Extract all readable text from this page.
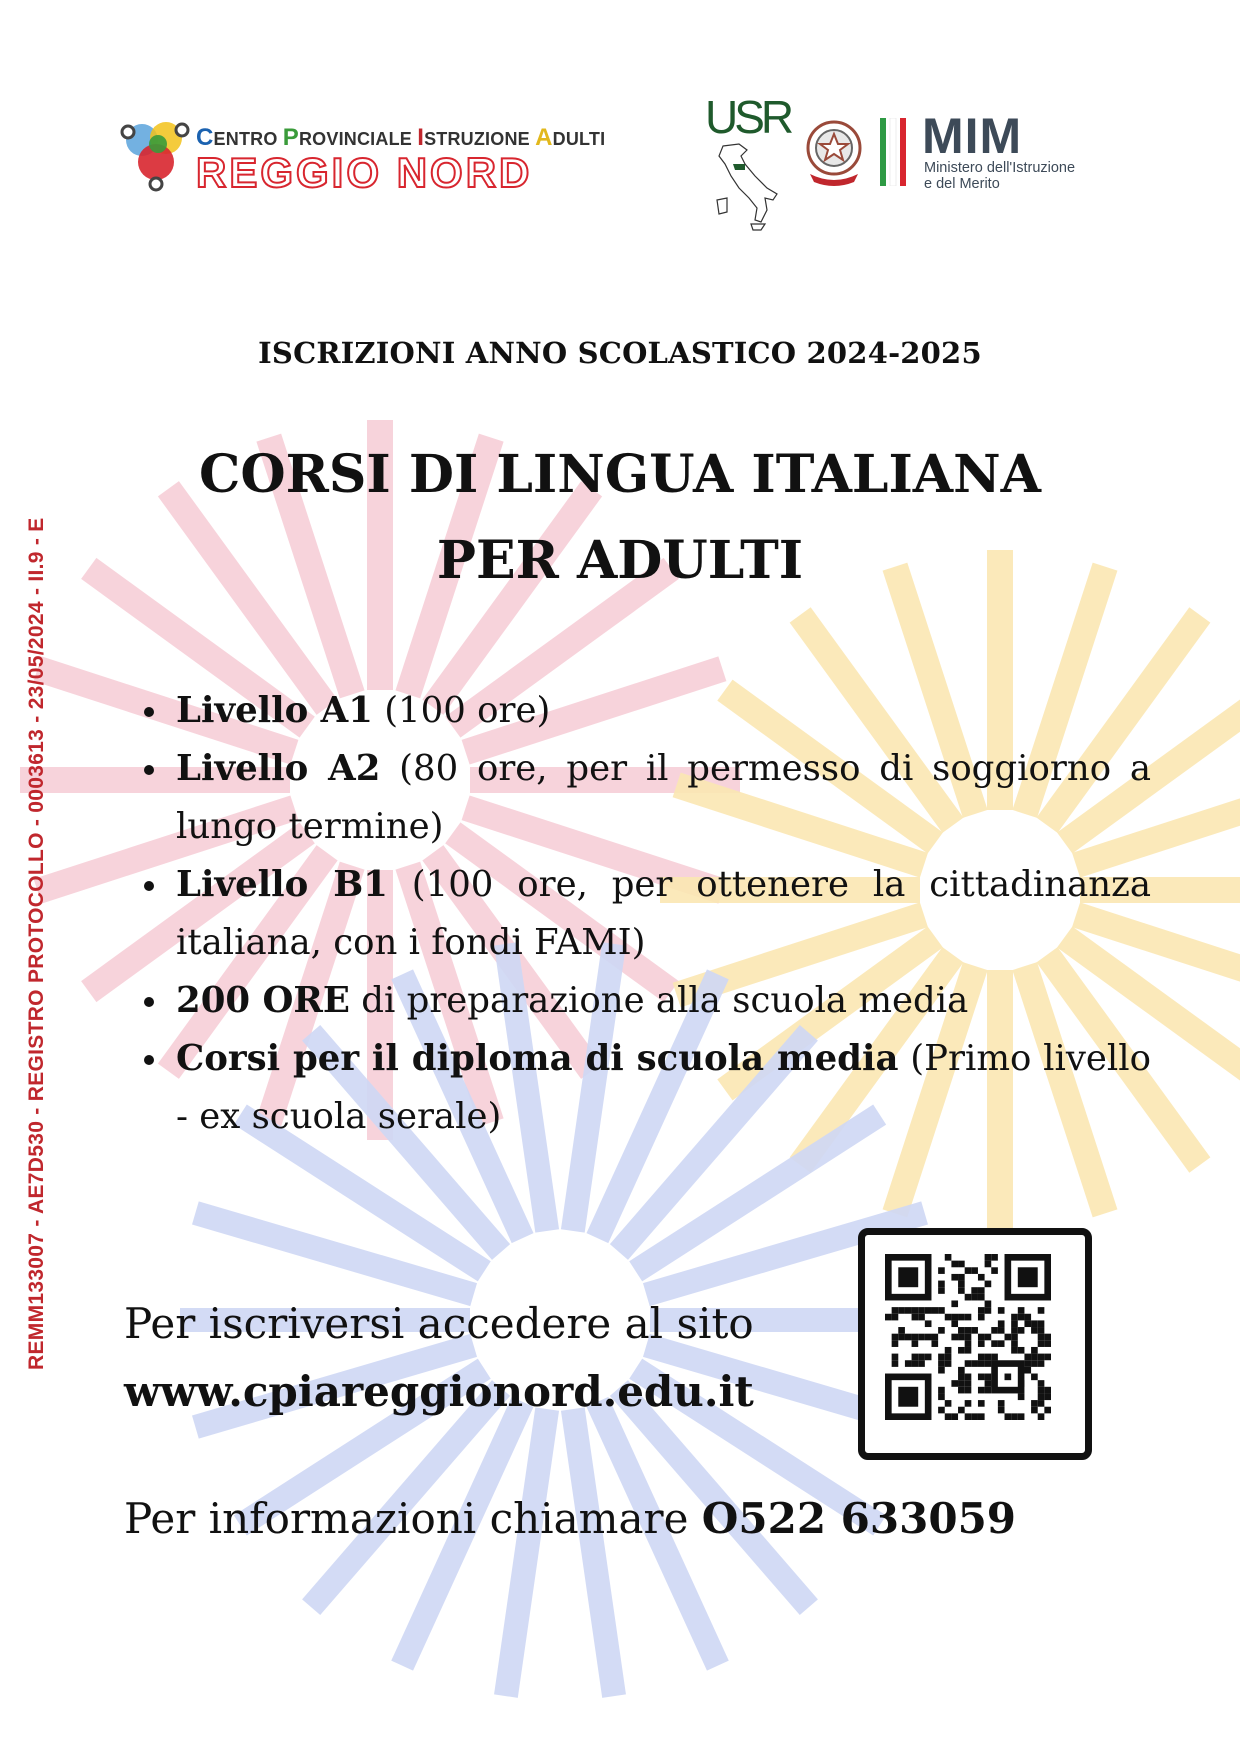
REMM133007 - AE7D530 - REGISTRO PROTOCOLLO - 0003613 - 23/05/2024 - II.9 - E
CENTRO PROVINCIALE ISTRUZIONE ADULTI
REGGIO NORD
USR	MIM
Ministero dell'Istruzione
e del Merito
ISCRIZIONI ANNO SCOLASTICO 2024-2025
CORSI DI LINGUA ITALIANA
PER ADULTI
Livello A1 (100 ore)
Livello A2 (80 ore, per il permesso di soggiorno a lungo termine)
Livello B1 (100 ore, per ottenere la cittadinanza italiana, con i fondi FAMI)
200 ORE di preparazione alla scuola media
Corsi per il diploma di scuola media (Primo livello - ex scuola serale)
Per iscriversi accedere al sito
www.cpiareggionord.edu.it
Per informazioni chiamare O522 633059
